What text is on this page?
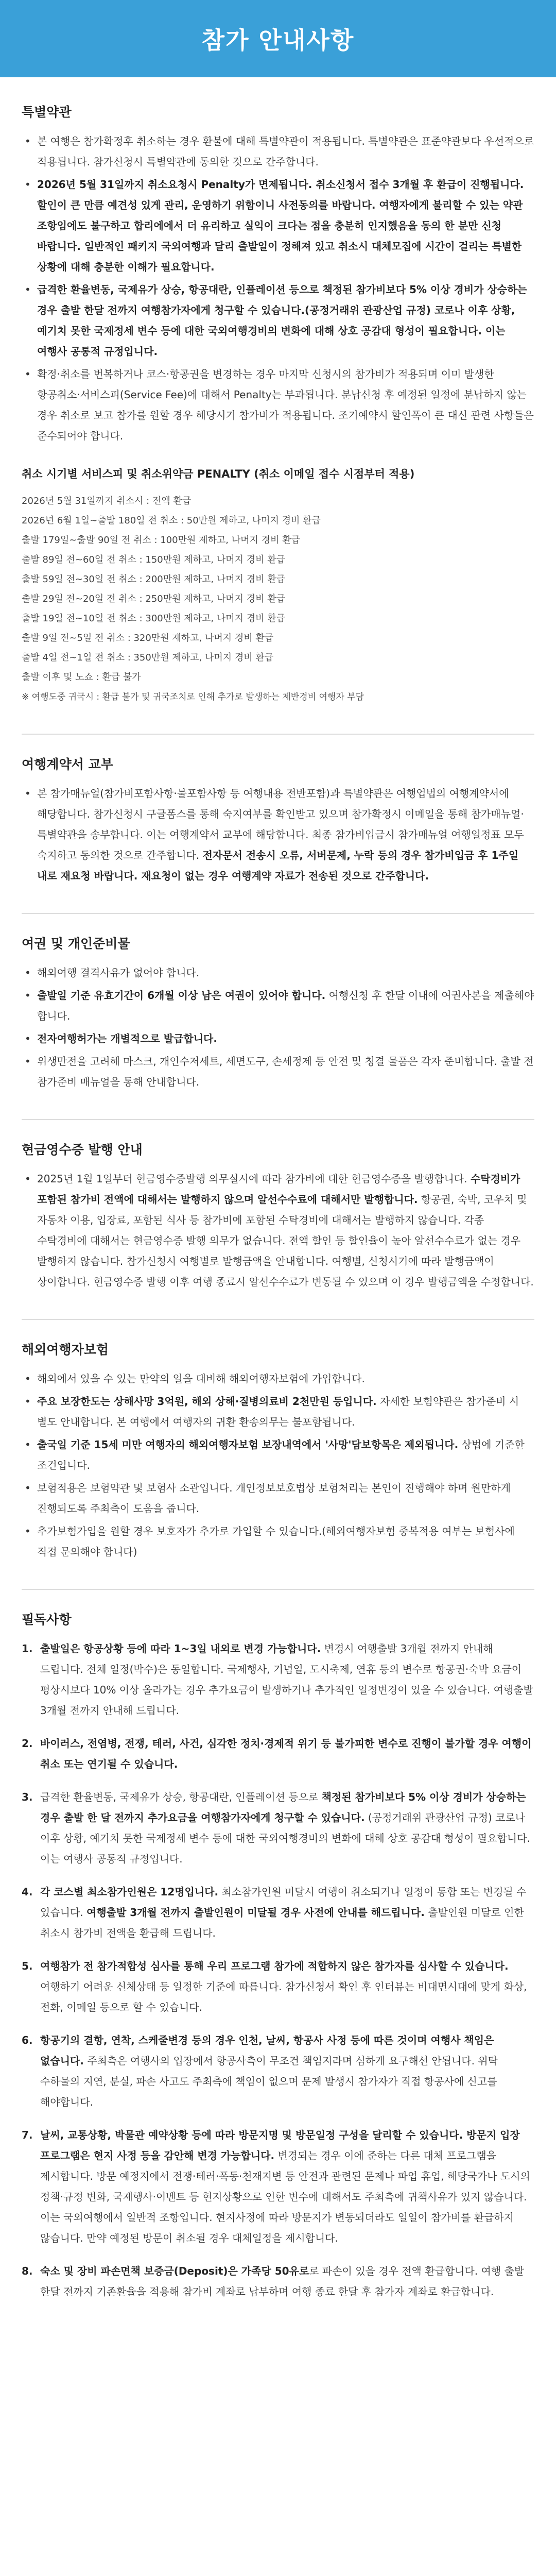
참가 안내사항
특별약관
• 본 여행은 참가확정후 취소하는 경우 환불에 대해 특별약관이 적용됩니다. 특별약관은 표준약관보다 우선적으로 적용됩니다. 참가신청시 특별약관에 동의한 것으로 간주합니다.
• 2026년 5월 31일까지 취소요청시 Penalty가 면제됩니다. 취소신청서 접수 3개월 후 환급이 진행됩니다. 할인이 큰 만큼 예견성 있게 관리, 운영하기 위함이니 사전동의를 바랍니다. 여행자에게 불리할 수 있는 약관 조항임에도 불구하고 합리에에서 더 유리하고 실익이 크다는 점을 충분히 인지했음을 동의 한 분만 신청 바랍니다. 일반적인 패키지 국외여행과 달리 출발일이 정해져 있고 취소시 대체모집에 시간이 걸리는 특별한 상황에 대해 충분한 이해가 필요합니다.
• 급격한 환율변동, 국제유가 상승, 항공대란, 인플레이션 등으로 책정된 참가비보다 5% 이상 경비가 상승하는 경우 출발 한달 전까지 여행참가자에게 청구할 수 있습니다.(공정거래위 관광산업 규정) 코로나 이후 상황, 예기치 못한 국제정세 변수 등에 대한 국외여행경비의 변화에 대해 상호 공감대 형성이 필요합니다. 이는 여행사 공통적 규정입니다.
• 확정·취소를 번복하거나 코스·항공권을 변경하는 경우 마지막 신청시의 참가비가 적용되며 이미 발생한 항공취소·서비스피(Service Fee)에 대해서 Penalty는 부과됩니다. 분납신청 후 예정된 일정에 분납하지 않는 경우 취소로 보고 참가를 원할 경우 해당시기 참가비가 적용됩니다. 조기예약시 할인폭이 큰 대신 관련 사항들은 준수되어야 합니다.
취소 시기별 서비스피 및 취소위약금 PENALTY (취소 이메일 접수 시점부터 적용)
2026년 5월 31일까지 취소시 : 전액 환급
2026년 6월 1일~출발 180일 전 취소 : 50만원 제하고, 나머지 경비 환급
출발 179일~출발 90일 전 취소 : 100만원 제하고, 나머지 경비 환급
출발 89일 전~60일 전 취소 : 150만원 제하고, 나머지 경비 환급
출발 59일 전~30일 전 취소 : 200만원 제하고, 나머지 경비 환급
출발 29일 전~20일 전 취소 : 250만원 제하고, 나머지 경비 환급
출발 19일 전~10일 전 취소 : 300만원 제하고, 나머지 경비 환급
출발 9일 전~5일 전 취소 : 320만원 제하고, 나머지 경비 환급
출발 4일 전~1일 전 취소 : 350만원 제하고, 나머지 경비 환급
출발 이후 및 노쇼 : 환급 불가
※ 여행도중 귀국시 : 환급 불가 및 귀국조치로 인해 추가로 발생하는 제반경비 여행자 부담
여행계약서 교부
• 본 참가매뉴얼(참가비포함사항·불포함사항 등 여행내용 전반포함)과 특별약관은 여행업법의 여행계약서에 해당합니다. 참가신청시 구글폼스를 통해 숙지여부를 확인받고 있으며 참가확정시 이메일을 통해 참가매뉴얼·특별약관을 송부합니다. 이는 여행계약서 교부에 해당합니다. 최종 참가비입금시 참가매뉴얼 여행일정표 모두 숙지하고 동의한 것으로 간주합니다. 전자문서 전송시 오류, 서버문제, 누락 등의 경우 참가비입금 후 1주일 내로 재요청 바랍니다. 재요청이 없는 경우 여행계약 자료가 전송된 것으로 간주합니다.
여권 및 개인준비물
• 해외여행 결격사유가 없어야 합니다.
• 출발일 기준 유효기간이 6개월 이상 남은 여권이 있어야 합니다. 여행신청 후 한달 이내에 여권사본을 제출해야 합니다.
• 전자여행허가는 개별적으로 발급합니다.
• 위생만전을 고려해 마스크, 개인수저세트, 세면도구, 손세정제 등 안전 및 청결 물품은 각자 준비합니다. 출발 전 참가준비 매뉴얼을 통해 안내합니다.
현금영수증 발행 안내
• 2025년 1월 1일부터 현금영수증발행 의무실시에 따라 참가비에 대한 현금영수증을 발행합니다. 수탁경비가 포함된 참가비 전액에 대해서는 발행하지 않으며 알선수수료에 대해서만 발행합니다. 항공권, 숙박, 코우치 및 자동차 이용, 입장료, 포함된 식사 등 참가비에 포함된 수탁경비에 대해서는 발행하지 않습니다. 각종 수탁경비에 대해서는 현금영수증 발행 의무가 없습니다. 전액 할인 등 할인율이 높아 알선수수료가 없는 경우 발행하지 않습니다. 참가신청시 여행별로 발행금액을 안내합니다. 여행별, 신청시기에 따라 발행금액이 상이합니다. 현금영수증 발행 이후 여행 종료시 알선수수료가 변동될 수 있으며 이 경우 발행금액을 수정합니다.
해외여행자보험
• 해외에서 있을 수 있는 만약의 일을 대비해 해외여행자보험에 가입합니다.
• 주요 보장한도는 상해사망 3억원, 해외 상해·질병의료비 2천만원 등입니다. 자세한 보험약관은 참가준비 시 별도 안내합니다. 본 여행에서 여행자의 귀환 환송의무는 불포함됩니다.
• 출국일 기준 15세 미만 여행자의 해외여행자보험 보장내역에서 '사망'담보항목은 제외됩니다. 상법에 기준한 조건입니다.
• 보험적용은 보험약관 및 보험사 소관입니다. 개인정보보호법상 보험처리는 본인이 진행해야 하며 원만하게 진행되도록 주최측이 도움을 줍니다.
• 추가보험가입을 원할 경우 보호자가 추가로 가입할 수 있습니다.(해외여행자보험 중복적용 여부는 보험사에 직접 문의해야 합니다)
필독사항
1. 출발일은 항공상황 등에 따라 1~3일 내외로 변경 가능합니다. 변경시 여행출발 3개월 전까지 안내해 드립니다. 전체 일정(박수)은 동일합니다. 국제행사, 기념일, 도시축제, 연휴 등의 변수로 항공권·숙박 요금이 평상시보다 10% 이상 올라가는 경우 추가요금이 발생하거나 추가적인 일정변경이 있을 수 있습니다. 여행출발 3개월 전까지 안내해 드립니다.
2. 바이러스, 전염병, 전쟁, 테러, 사건, 심각한 정치·경제적 위기 등 불가피한 변수로 진행이 불가할 경우 여행이 취소 또는 연기될 수 있습니다.
3. 급격한 환율변동, 국제유가 상승, 항공대란, 인플레이션 등으로 책정된 참가비보다 5% 이상 경비가 상승하는 경우 출발 한 달 전까지 추가요금을 여행참가자에게 청구할 수 있습니다. (공정거래위 관광산업 규정) 코로나 이후 상황, 예기치 못한 국제정세 변수 등에 대한 국외여행경비의 변화에 대해 상호 공감대 형성이 필요합니다. 이는 여행사 공통적 규정입니다.
4. 각 코스별 최소참가인원은 12명입니다. 최소참가인원 미달시 여행이 취소되거나 일정이 통합 또는 변경될 수 있습니다. 여행출발 3개월 전까지 출발인원이 미달될 경우 사전에 안내를 해드립니다. 출발인원 미달로 인한 취소시 참가비 전액을 환급해 드립니다.
5. 여행참가 전 참가적합성 심사를 통해 우리 프로그램 참가에 적합하지 않은 참가자를 심사할 수 있습니다. 여행하기 어려운 신체상태 등 일정한 기준에 따릅니다. 참가신청서 확인 후 인터뷰는 비대면시대에 맞게 화상, 전화, 이메일 등으로 할 수 있습니다.
6. 항공기의 결항, 연착, 스케줄변경 등의 경우 인천, 날씨, 항공사 사정 등에 따른 것이며 여행사 책임은 없습니다. 주최측은 여행사의 입장에서 항공사측이 무조건 책임지라며 심하게 요구해선 안됩니다. 위탁 수하물의 지연, 분실, 파손 사고도 주최측에 책임이 없으며 문제 발생시 참가자가 직접 항공사에 신고를 해야합니다.
7. 날씨, 교통상황, 박물관 예약상황 등에 따라 방문지명 및 방문일정 구성을 달리할 수 있습니다. 방문지 입장 프로그램은 현지 사정 등을 감안해 변경 가능합니다. 변경되는 경우 이에 준하는 다른 대체 프로그램을 제시합니다. 방문 예정지에서 전쟁·테러·폭동·천재지변 등 안전과 관련된 문제나 파업 휴업, 해당국가나 도시의 정책·규정 변화, 국제행사·이벤트 등 현지상황으로 인한 변수에 대해서도 주최측에 귀책사유가 있지 않습니다. 이는 국외여행에서 일반적 조항입니다. 현지사정에 따라 방문지가 변동되더라도 일일이 참가비를 환급하지 않습니다. 만약 예정된 방문이 취소될 경우 대체일정을 제시합니다.
8. 숙소 및 장비 파손면책 보증금(Deposit)은 가족당 50유로로 파손이 있을 경우 전액 환급합니다. 여행 출발 한달 전까지 기존환율을 적용해 참가비 계좌로 납부하며 여행 종료 한달 후 참가자 계좌로 환급합니다.
